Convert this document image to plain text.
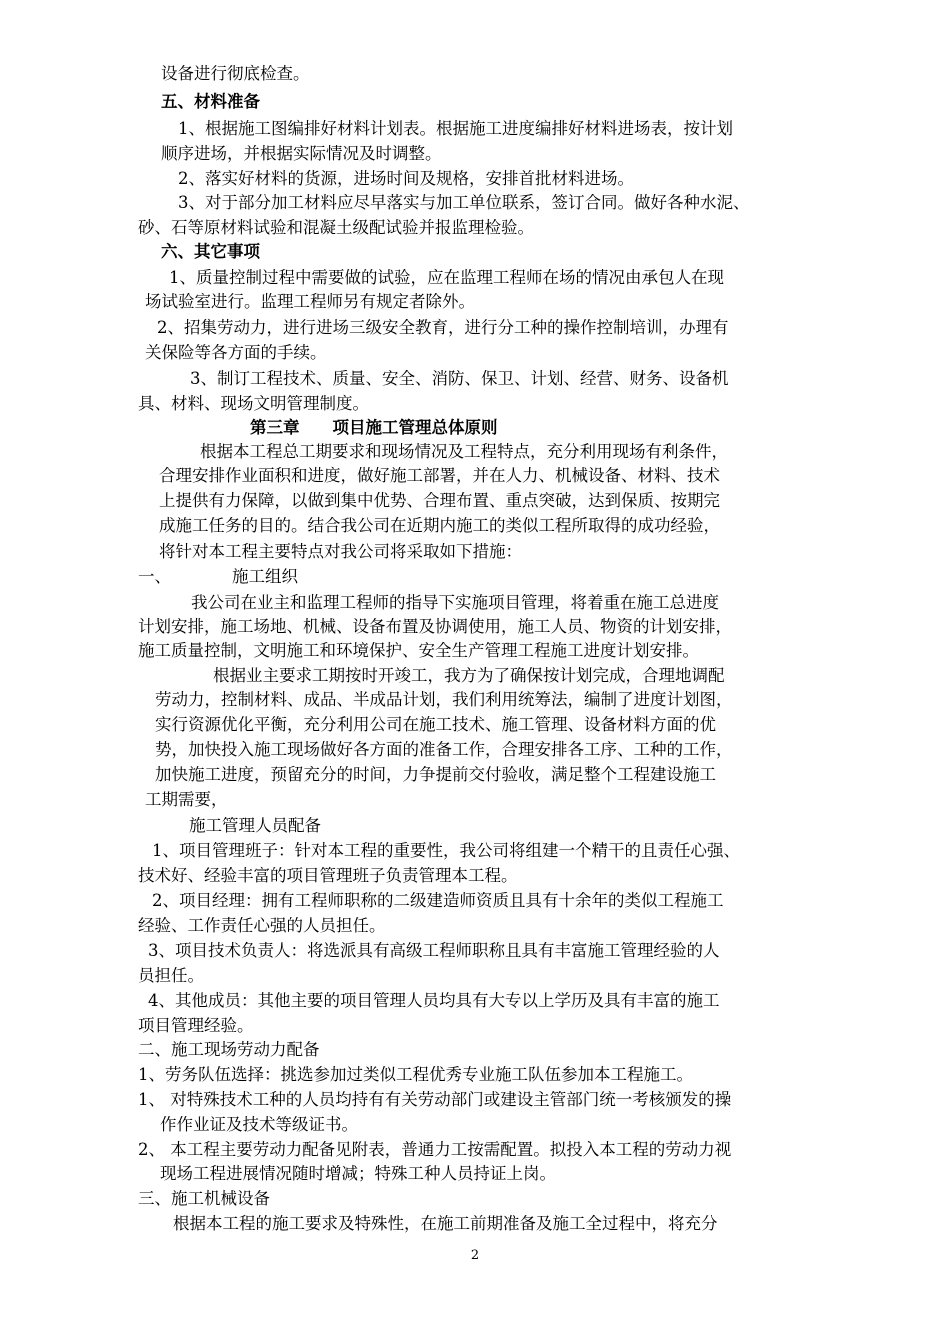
设备进行彻底检查。
五、材料准备
1、根据施工图编排好材料计划表。根据施工进度编排好材料进场表，按计划
顺序进场，并根据实际情况及时调整。
2、落实好材料的货源，进场时间及规格，安排首批材料进场。
3、对于部分加工材料应尽早落实与加工单位联系，签订合同。做好各种水泥、
砂、石等原材料试验和混凝土级配试验并报监理检验。
六、其它事项
1、质量控制过程中需要做的试验，应在监理工程师在场的情况由承包人在现
场试验室进行。监理工程师另有规定者除外。
2、招集劳动力，进行进场三级安全教育，进行分工种的操作控制培训，办理有
关保险等各方面的手续。
3、制订工程技术、质量、安全、消防、保卫、计划、经营、财务、设备机
具、材料、现场文明管理制度。
第三章　　项目施工管理总体原则
根据本工程总工期要求和现场情况及工程特点，充分利用现场有利条件，
合理安排作业面积和进度，做好施工部署，并在人力、机械设备、材料、技术
上提供有力保障，以做到集中优势、合理布置、重点突破，达到保质、按期完
成施工任务的目的。结合我公司在近期内施工的类似工程所取得的成功经验，
将针对本工程主要特点对我公司将采取如下措施：
一、	施工组织
我公司在业主和监理工程师的指导下实施项目管理，将着重在施工总进度
计划安排，施工场地、机械、设备布置及协调使用，施工人员、物资的计划安排，
施工质量控制，文明施工和环境保护、安全生产管理工程施工进度计划安排。
根据业主要求工期按时开竣工，我方为了确保按计划完成，合理地调配
劳动力，控制材料、成品、半成品计划，我们利用统筹法，编制了进度计划图，
实行资源优化平衡，充分利用公司在施工技术、施工管理、设备材料方面的优
势，加快投入施工现场做好各方面的准备工作，合理安排各工序、工种的工作，
加快施工进度，预留充分的时间，力争提前交付验收，满足整个工程建设施工
工期需要，
施工管理人员配备
1、项目管理班子：针对本工程的重要性，我公司将组建一个精干的且责任心强、
技术好、经验丰富的项目管理班子负责管理本工程。
2、项目经理：拥有工程师职称的二级建造师资质且具有十余年的类似工程施工
经验、工作责任心强的人员担任。
3、项目技术负责人：将选派具有高级工程师职称且具有丰富施工管理经验的人
员担任。
4、其他成员：其他主要的项目管理人员均具有大专以上学历及具有丰富的施工
项目管理经验。
二、施工现场劳动力配备
1、劳务队伍选择：挑选参加过类似工程优秀专业施工队伍参加本工程施工。
1、 对特殊技术工种的人员均持有有关劳动部门或建设主管部门统一考核颁发的操
作作业证及技术等级证书。
2、 本工程主要劳动力配备见附表，普通力工按需配置。拟投入本工程的劳动力视
现场工程进展情况随时增减；特殊工种人员持证上岗。
三、施工机械设备
根据本工程的施工要求及特殊性，在施工前期准备及施工全过程中，将充分
2
